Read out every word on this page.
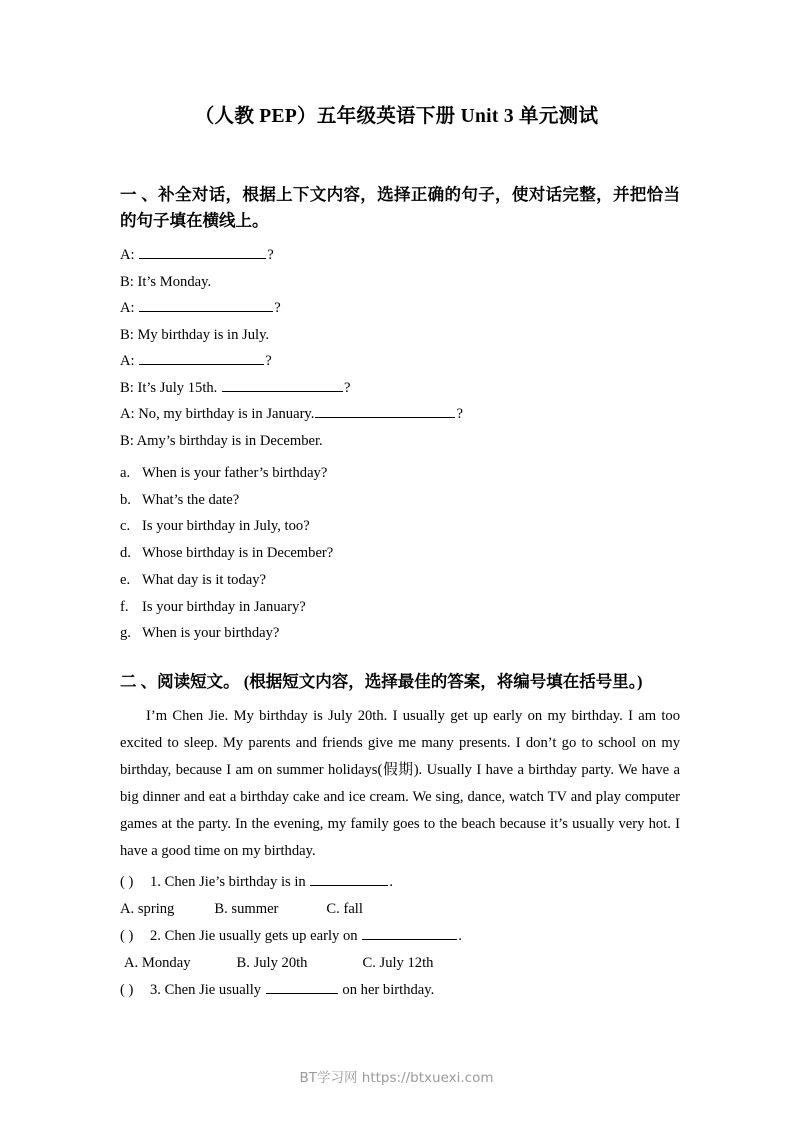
（人教 PEP）五年级英语下册 Unit 3 单元测试

一 、补全对话，根据上下文内容，选择正确的句子，使对话完整，并把恰当的句子填在横线上。

A:	?
B: It’s Monday.
A:	?
B: My birthday is in July.
A:	?
B: It’s July 15th.	?
A: No, my birthday is in January.	?
B: Amy’s birthday is in December.
a. When is your father’s birthday?
b. What’s the date?
c. Is your birthday in July, too?
d. Whose birthday is in December?
e. What day is it today?
f. Is your birthday in January?
g. When is your birthday?

二 、阅读短文。 (根据短文内容，选择最佳的答案，将编号填在括号里。)

I’m Chen Jie. My birthday is July 20th. I usually get up early on my birthday. I am too excited to sleep. My parents and friends give me many presents. I don’t go to school on my birthday, because I am on summer holidays(假期). Usually I have a birthday party. We have a big dinner and eat a birthday cake and ice cream. We sing, dance, watch TV and play computer games at the party. In the evening, my family goes to the beach because it’s usually very hot. I have a good time on my birthday.

( ) 1. Chen Jie’s birthday is in	.
A. spring	B. summer	C. fall
( ) 2. Chen Jie usually gets up early on	.
A. Monday	B. July 20th	C. July 12th
( ) 3. Chen Jie usually	on her birthday.
BT学习网 https://btxuexi.com
